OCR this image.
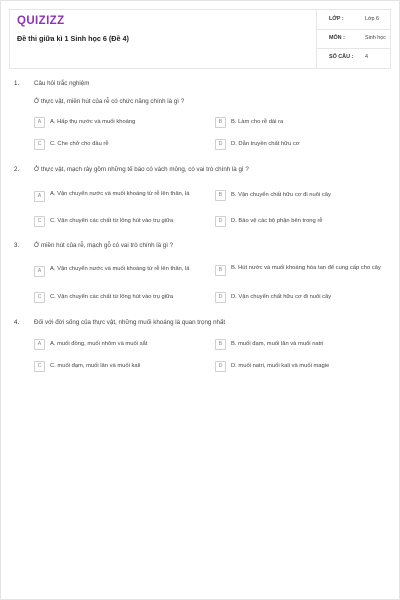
QUIZIZZ
Đề thi giữa kì 1 Sinh học 6 (Đề 4)
LỚP :	Lớp 6
MÔN :	Sinh học
SỐ CÂU : 4
1. Câu hỏi trắc nghiệm
Ở thực vật, miền hút của rễ có chức năng chính là gì ?
A	A. Hấp thụ nước và muối khoáng	B	B. Làm cho rễ dài ra
C	C. Che chở cho đầu rễ	D	D. Dẫn truyền chất hữu cơ
2. Ở thực vật, mạch rây gồm những tế bào có vách mỏng, có vai trò chính là gì ?
A	A. Vận chuyển nước và muối khoáng từ rễ lên thân, lá	B	B. Vận chuyển chất hữu cơ đi nuôi cây
C	C. Vận chuyển các chất từ lông hút vào trụ giữa	D	D. Bảo vệ các bộ phận bên trong rễ
3. Ở miền hút của rễ, mạch gỗ có vai trò chính là gì ?
A	A. Vận chuyển nước và muối khoáng từ rễ lên thân, lá	B	B. Hút nước và muối khoáng hòa tan để cung cấp cho cây
C	C. Vận chuyển các chất từ lông hút vào trụ giữa	D	D. Vận chuyển chất hữu cơ đi nuôi cây
4. Đối với đời sống của thực vật, những muối khoáng là quan trọng nhất
A	A. muối đồng, muối nhôm và muối sắt	B	B. muối đạm, muối lân và muối natri
C	C. muối đạm, muối lân và muối kali	D	D. muối natri, muối kali và muối magie
